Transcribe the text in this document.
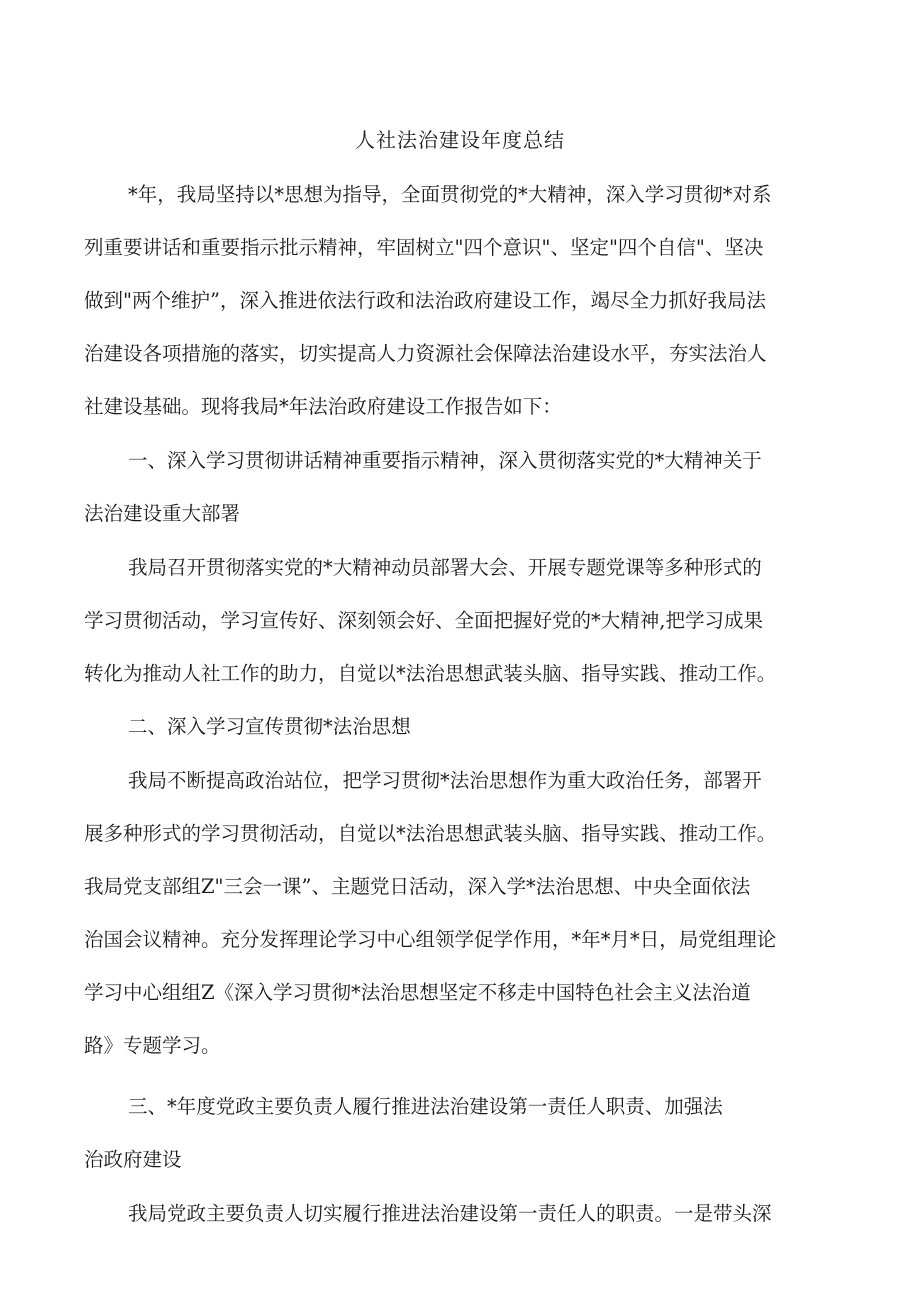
人社法治建设年度总结
*年，我局坚持以*思想为指导，全面贯彻党的*大精神，深入学习贯彻*对系
列重要讲话和重要指示批示精神，牢固树立"四个意识"、坚定"四个自信"、坚决
做到"两个维护”，深入推进依法行政和法治政府建设工作，竭尽全力抓好我局法
治建设各项措施的落实，切实提高人力资源社会保障法治建设水平，夯实法治人
社建设基础。现将我局*年法治政府建设工作报告如下：
一、深入学习贯彻讲话精神重要指示精神，深入贯彻落实党的*大精神关于
法治建设重大部署
我局召开贯彻落实党的*大精神动员部署大会、开展专题党课等多种形式的
学习贯彻活动，学习宣传好、深刻领会好、全面把握好党的*大精神,把学习成果
转化为推动人社工作的助力，自觉以*法治思想武装头脑、指导实践、推动工作。
二、深入学习宣传贯彻*法治思想
我局不断提高政治站位，把学习贯彻*法治思想作为重大政治任务，部署开
展多种形式的学习贯彻活动，自觉以*法治思想武装头脑、指导实践、推动工作。
我局党支部组Z"三会一课”、主题党日活动，深入学*法治思想、中央全面依法
治国会议精神。充分发挥理论学习中心组领学促学作用，*年*月*日，局党组理论
学习中心组组Z《深入学习贯彻*法治思想坚定不移走中国特色社会主义法治道
路》专题学习。
三、*年度党政主要负责人履行推进法治建设第一责任人职责、加强法
治政府建设
我局党政主要负责人切实履行推进法治建设第一责任人的职责。一是带头深
